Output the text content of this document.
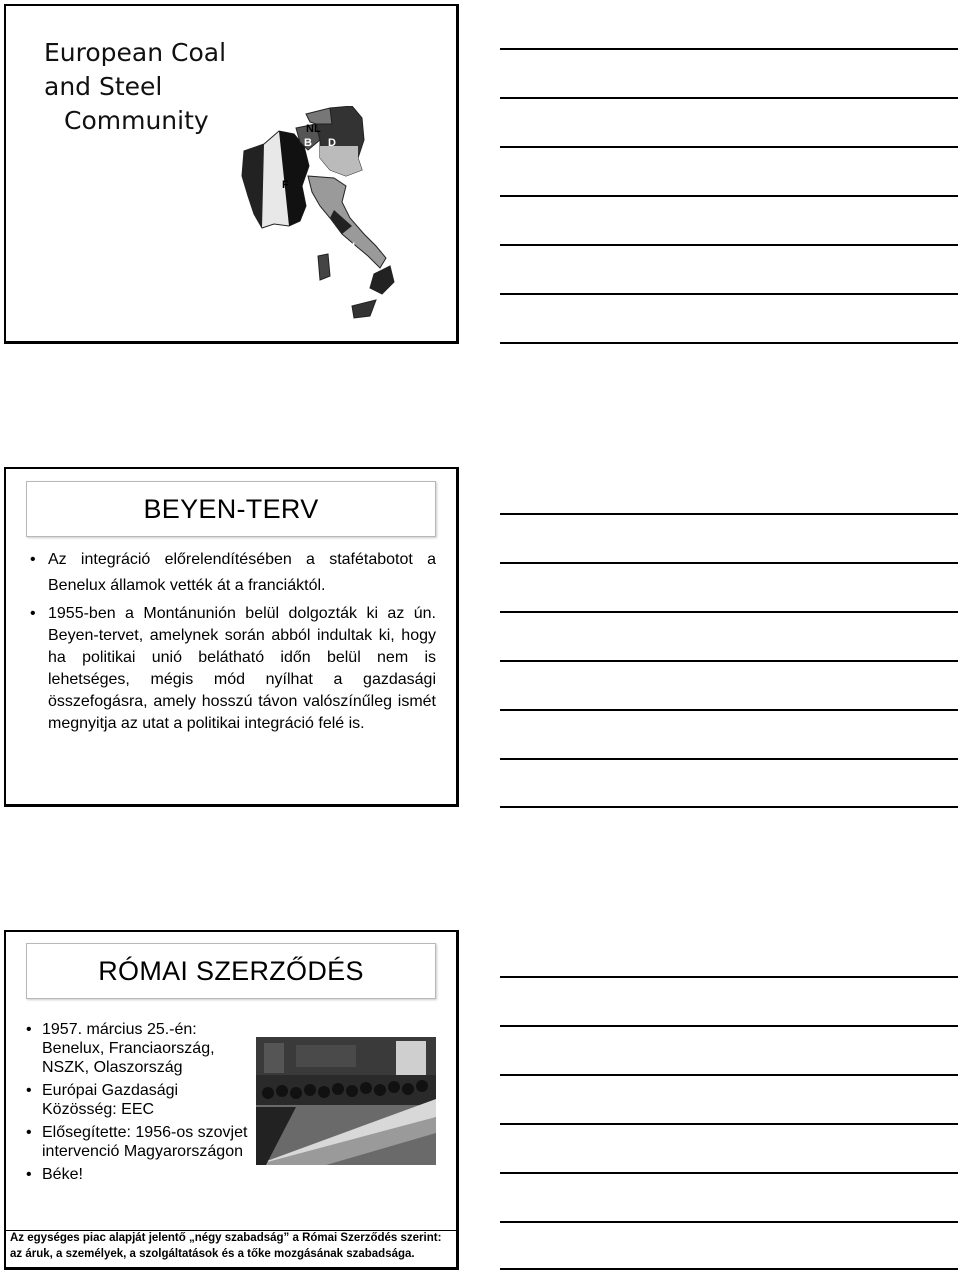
European Coal
and Steel
Community	NL
B D
F
I
BEYEN-TERV
• Az integráció előrelendítésében a stafétabotot a Benelux államok vették át a franciáktól.
• 1955-ben a Montánunión belül dolgozták ki az ún. Beyen-tervet, amelynek során abból indultak ki, hogy ha politikai unió belátható időn belül nem is lehetséges, mégis mód nyílhat a gazdasági összefogásra, amely hosszú távon valószínűleg ismét megnyitja az utat a politikai integráció felé is.
RÓMAI SZERZŐDÉS
• 1957. március 25.-én: Benelux, Franciaország, NSZK, Olaszország
• Európai Gazdasági Közösség: EEC
• Elősegítette: 1956-os szovjet intervenció Magyarországon
• Béke!
Az egységes piac alapját jelentő „négy szabadság” a Római Szerződés szerint:
az áruk, a személyek, a szolgáltatások és a tőke mozgásának szabadsága.
